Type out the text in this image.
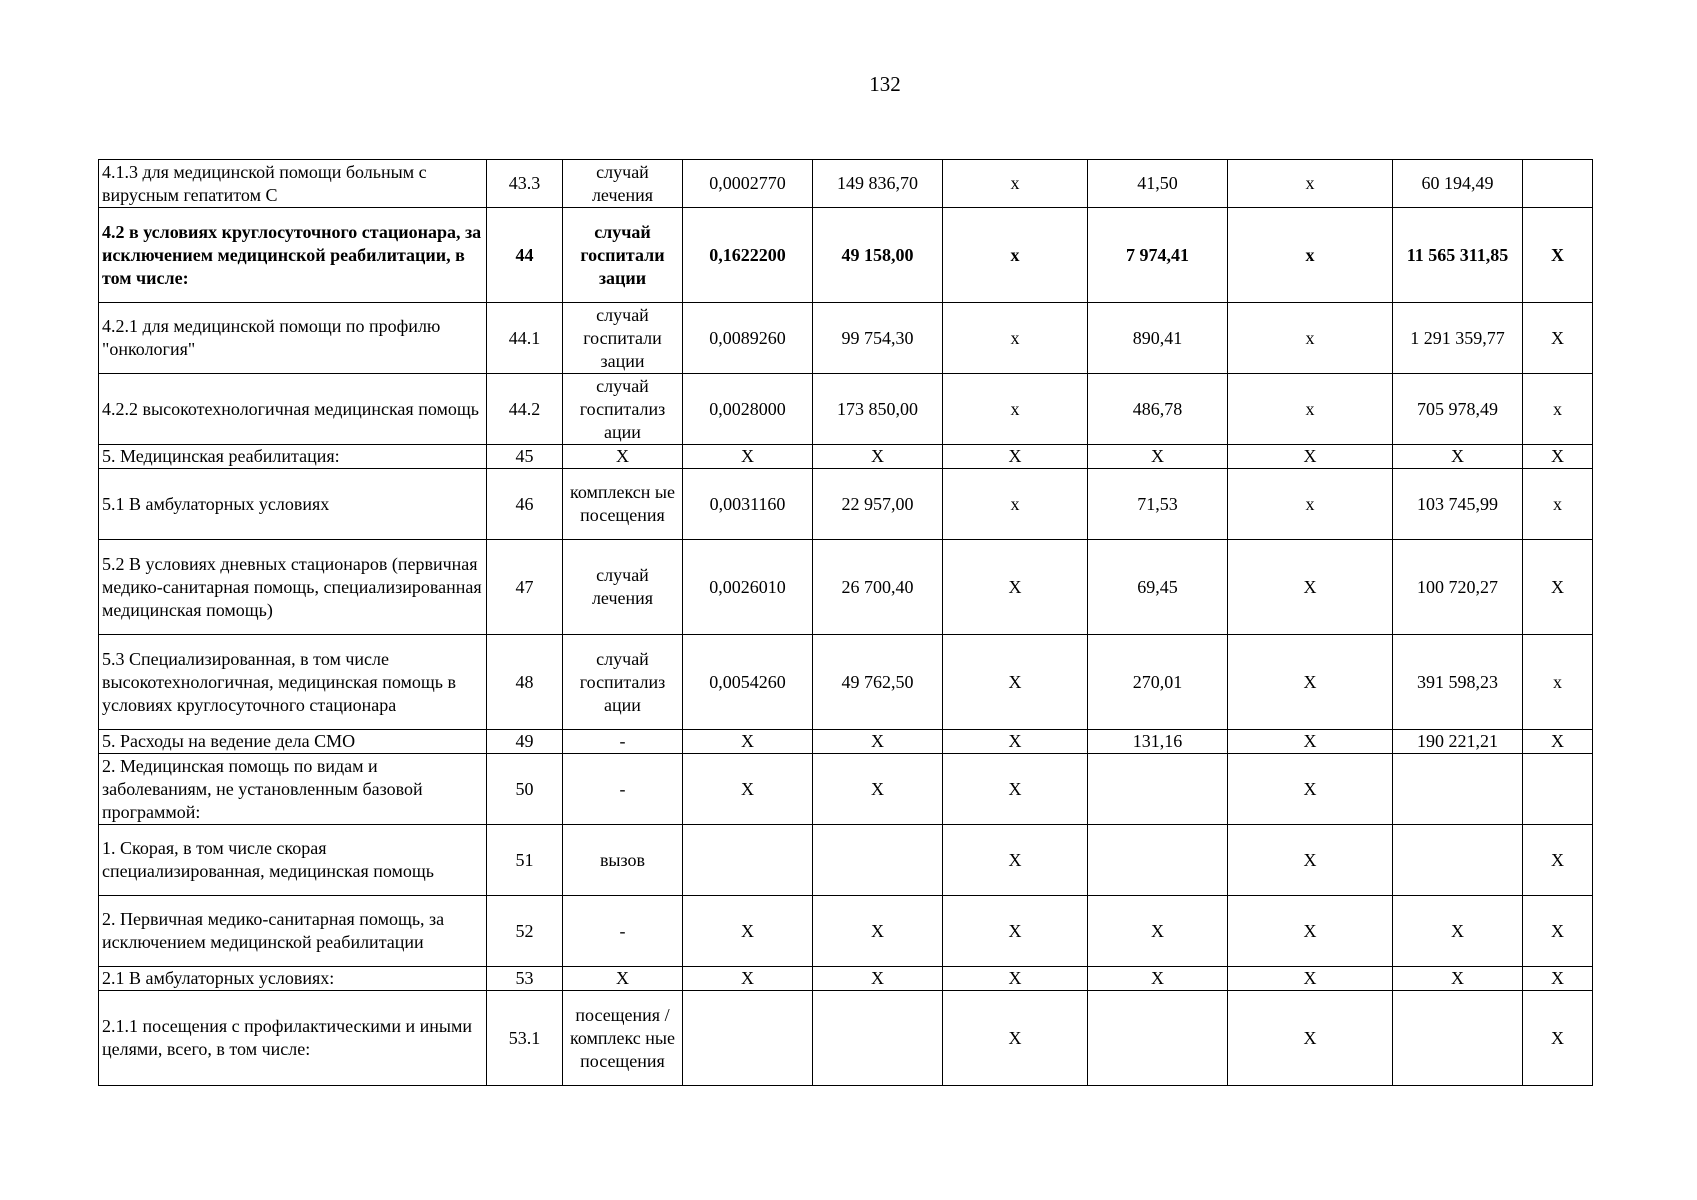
132
4.1.3 для медицинской помощи больным с вирусным гепатитом С	43.3	случай лечения	0,0002770	149 836,70	х	41,50	х	60 194,49	
4.2 в условиях круглосуточного стационара, за исключением медицинской реабилитации, в том числе:	44	случай госпитали зации	0,1622200	49 158,00	х	7 974,41	х	11 565 311,85	X
4.2.1 для медицинской помощи по профилю "онкология"	44.1	случай госпитали зации	0,0089260	99 754,30	х	890,41	х	1 291 359,77	X
4.2.2 высокотехнологичная медицинская помощь	44.2	случай госпитализ ации	0,0028000	173 850,00	х	486,78	х	705 978,49	х
5. Медицинская реабилитация:	45	X	X	X	X	X	X	X	X
5.1 В амбулаторных условиях	46	комплексн ые посещения	0,0031160	22 957,00	х	71,53	х	103 745,99	х
5.2 В условиях дневных стационаров (первичная медико-санитарная помощь, специализированная медицинская помощь)	47	случай лечения	0,0026010	26 700,40	X	69,45	X	100 720,27	X
5.3 Специализированная, в том числе высокотехнологичная, медицинская помощь в условиях круглосуточного стационара	48	случай госпитализ ации	0,0054260	49 762,50	X	270,01	X	391 598,23	х
5. Расходы на ведение дела СМО	49	-	X	X	X	131,16	X	190 221,21	X
2. Медицинская помощь по видам и заболеваниям, не установленным базовой программой:	50	-	X	X	X		X		
1. Скорая, в том числе скорая специализированная, медицинская помощь	51	вызов			X		X		X
2. Первичная медико-санитарная помощь, за исключением медицинской реабилитации	52	-	X	X	X	X	X	X	X
2.1 В амбулаторных условиях:	53	X	X	X	X	X	X	X	X
2.1.1 посещения с профилактическими и иными целями, всего, в том числе:	53.1	посещения /комплекс ные посещения			X		X		X
